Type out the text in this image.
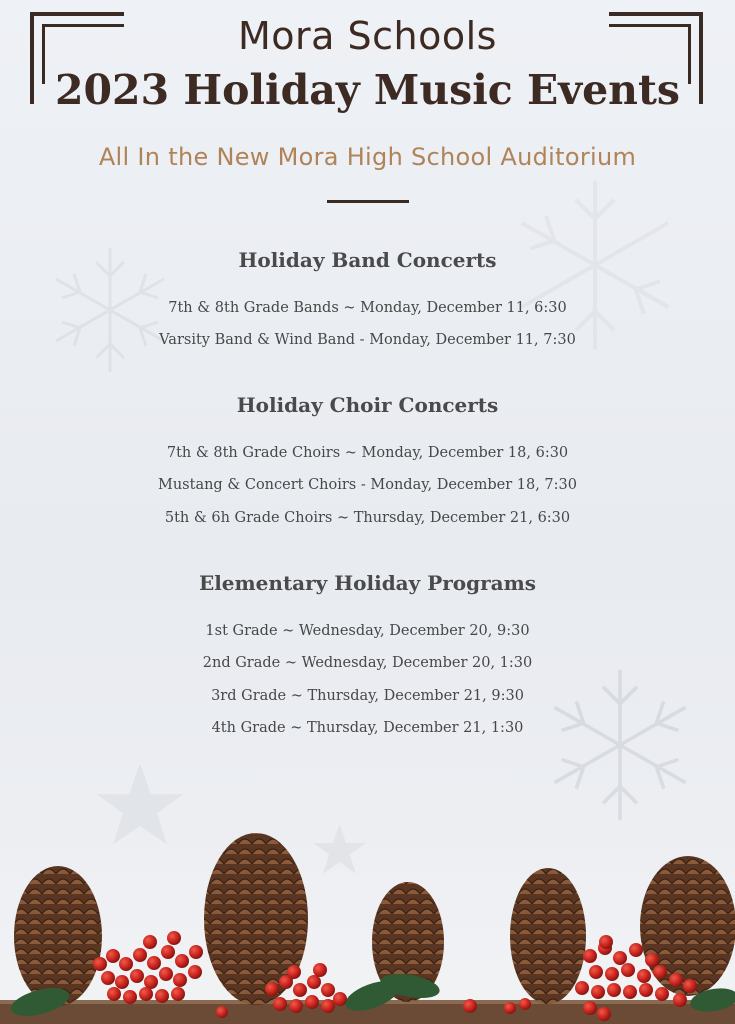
Mora Schools
2023 Holiday Music Events
All In the New Mora High School Auditorium
Holiday Band Concerts
7th & 8th Grade Bands ~ Monday, December 11, 6:30
Varsity Band & Wind Band - Monday, December 11, 7:30
Holiday Choir Concerts
7th & 8th Grade Choirs ~ Monday, December 18, 6:30
Mustang & Concert Choirs - Monday, December 18, 7:30
5th & 6h Grade Choirs ~ Thursday, December 21, 6:30
Elementary Holiday Programs
1st Grade ~ Wednesday, December 20, 9:30
2nd Grade ~ Wednesday, December 20, 1:30
3rd Grade ~ Thursday, December 21, 9:30
4th Grade ~ Thursday, December 21, 1:30
